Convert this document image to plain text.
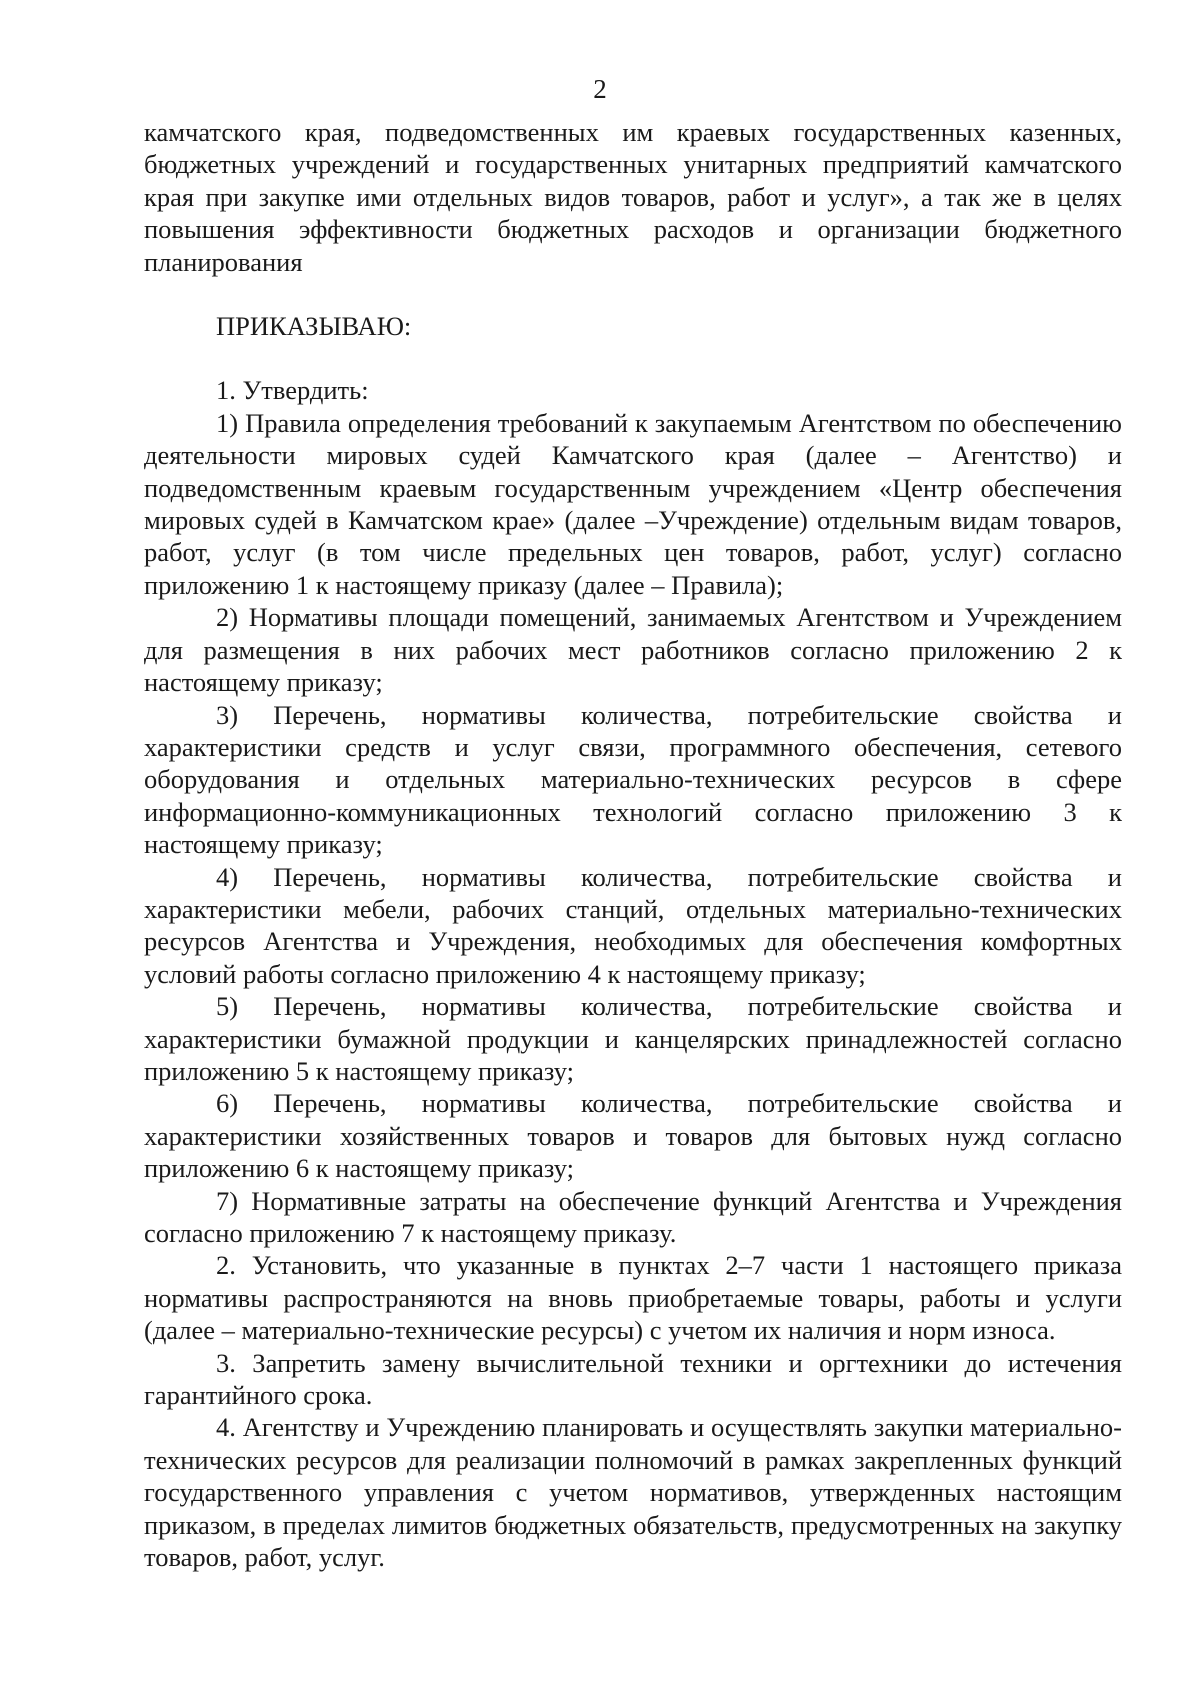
2

камчатского края, подведомственных им краевых государственных казенных, бюджетных учреждений и государственных унитарных предприятий камчатского края при закупке ими отдельных видов товаров, работ и услуг», а так же в целях повышения эффективности бюджетных расходов и организации бюджетного планирования

ПРИКАЗЫВАЮ:

1. Утвердить:

1) Правила определения требований к закупаемым Агентством по обеспечению деятельности мировых судей Камчатского края (далее – Агентство) и подведомственным краевым государственным учреждением «Центр обеспечения мировых судей в Камчатском крае» (далее –Учреждение) отдельным видам товаров, работ, услуг (в том числе предельных цен товаров, работ, услуг) согласно приложению 1 к настоящему приказу (далее – Правила);

2) Нормативы площади помещений, занимаемых Агентством и Учреждением для размещения в них рабочих мест работников согласно приложению 2 к настоящему приказу;

3) Перечень, нормативы количества, потребительские свойства и характеристики средств и услуг связи, программного обеспечения, сетевого оборудования и отдельных материально-технических ресурсов в сфере информационно-коммуникационных технологий согласно приложению 3 к настоящему приказу;

4) Перечень, нормативы количества, потребительские свойства и характеристики мебели, рабочих станций, отдельных материально-технических ресурсов Агентства и Учреждения, необходимых для обеспечения комфортных условий работы согласно приложению 4 к настоящему приказу;

5) Перечень, нормативы количества, потребительские свойства и характеристики бумажной продукции и канцелярских принадлежностей согласно приложению 5 к настоящему приказу;

6) Перечень, нормативы количества, потребительские свойства и характеристики хозяйственных товаров и товаров для бытовых нужд согласно приложению 6 к настоящему приказу;

7) Нормативные затраты на обеспечение функций Агентства и Учреждения согласно приложению 7 к настоящему приказу.

2. Установить, что указанные в пунктах 2–7 части 1 настоящего приказа нормативы распространяются на вновь приобретаемые товары, работы и услуги (далее – материально-технические ресурсы) с учетом их наличия и норм износа.

3. Запретить замену вычислительной техники и оргтехники до истечения гарантийного срока.

4. Агентству и Учреждению планировать и осуществлять закупки материально-технических ресурсов для реализации полномочий в рамках закрепленных функций государственного управления с учетом нормативов, утвержденных настоящим приказом, в пределах лимитов бюджетных обязательств, предусмотренных на закупку товаров, работ, услуг.
